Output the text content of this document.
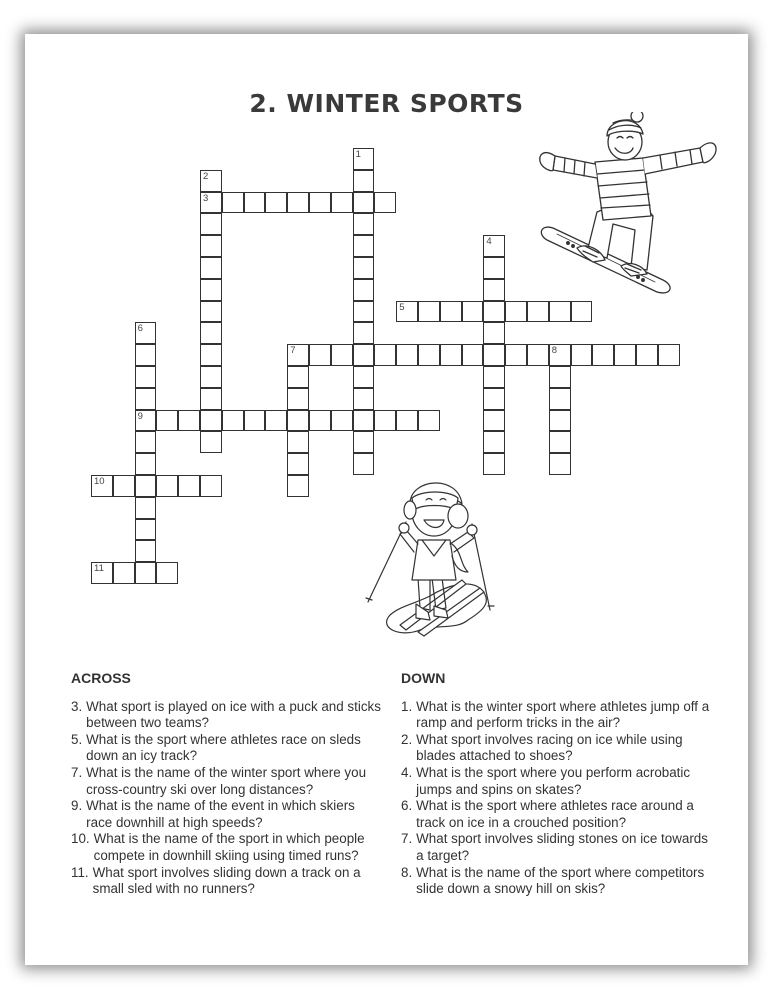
2. WINTER SPORTS
1
2
3
4
5
6
9
7	8
10
11
ACROSS
3. What sport is played on ice with a puck and sticks between two teams?
5. What is the sport where athletes race on sleds down an icy track?
7. What is the name of the winter sport where you cross-country ski over long distances?
9. What is the name of the event in which skiers race downhill at high speeds?
10. What is the name of the sport in which people compete in downhill skiing using timed runs?
11. What sport involves sliding down a track on a small sled with no runners?
DOWN
1. What is the winter sport where athletes jump off a ramp and perform tricks in the air?
2. What sport involves racing on ice while using blades attached to shoes?
4. What is the sport where you perform acrobatic jumps and spins on skates?
6. What is the sport where athletes race around a track on ice in a crouched position?
7. What sport involves sliding stones on ice towards a target?
8. What is the name of the sport where competitors slide down a snowy hill on skis?
